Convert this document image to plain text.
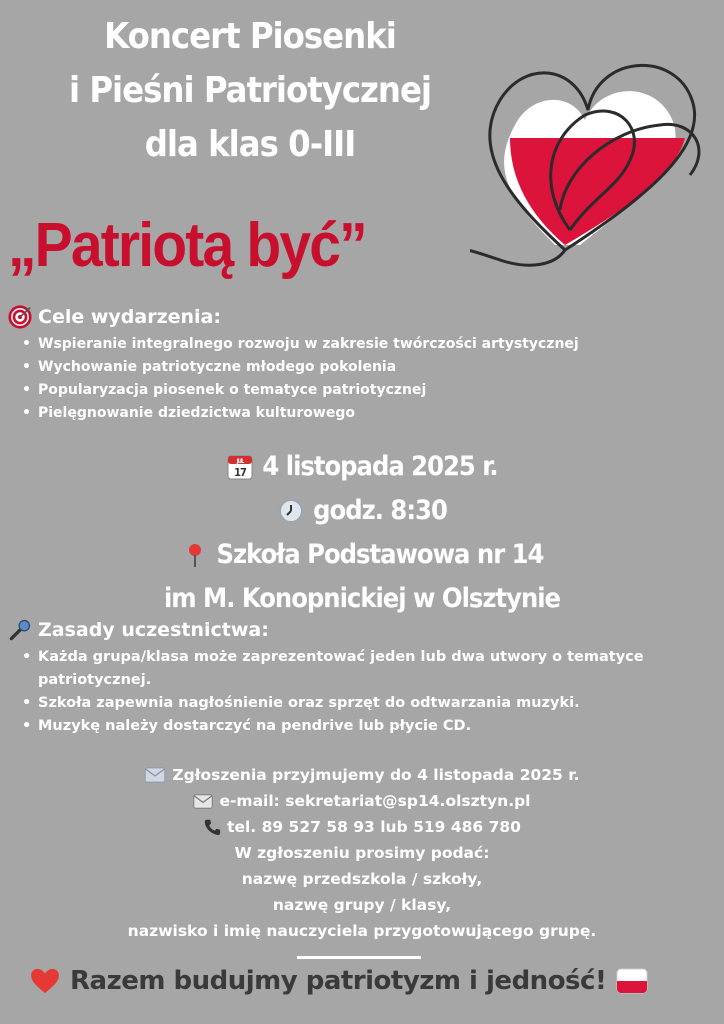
Koncert Piosenki
i Pieśni Patriotycznej
dla klas 0-III
„Patriotą być”
Cele wydarzenia:
• Wspieranie integralnego rozwoju w zakresie twórczości artystycznej
• Wychowanie patriotyczne młodego pokolenia
• Popularyzacja piosenek o tematyce patriotycznej
• Pielęgnowanie dziedzictwa kulturowego
JUL
17 4 listopada 2025 r.
godz. 8:30
Szkoła Podstawowa nr 14
im M. Konopnickiej w Olsztynie
Zasady uczestnictwa:
• Każda grupa/klasa może zaprezentować jeden lub dwa utwory o tematyce patriotycznej.
• Szkoła zapewnia nagłośnienie oraz sprzęt do odtwarzania muzyki.
• Muzykę należy dostarczyć na pendrive lub płycie CD.
Zgłoszenia przyjmujemy do 4 listopada 2025 r.
e-mail: sekretariat@sp14.olsztyn.pl
tel. 89 527 58 93 lub 519 486 780
W zgłoszeniu prosimy podać:
nazwę przedszkola / szkoły,
nazwę grupy / klasy,
nazwisko i imię nauczyciela przygotowującego grupę.
Razem budujmy patriotyzm i jedność!
